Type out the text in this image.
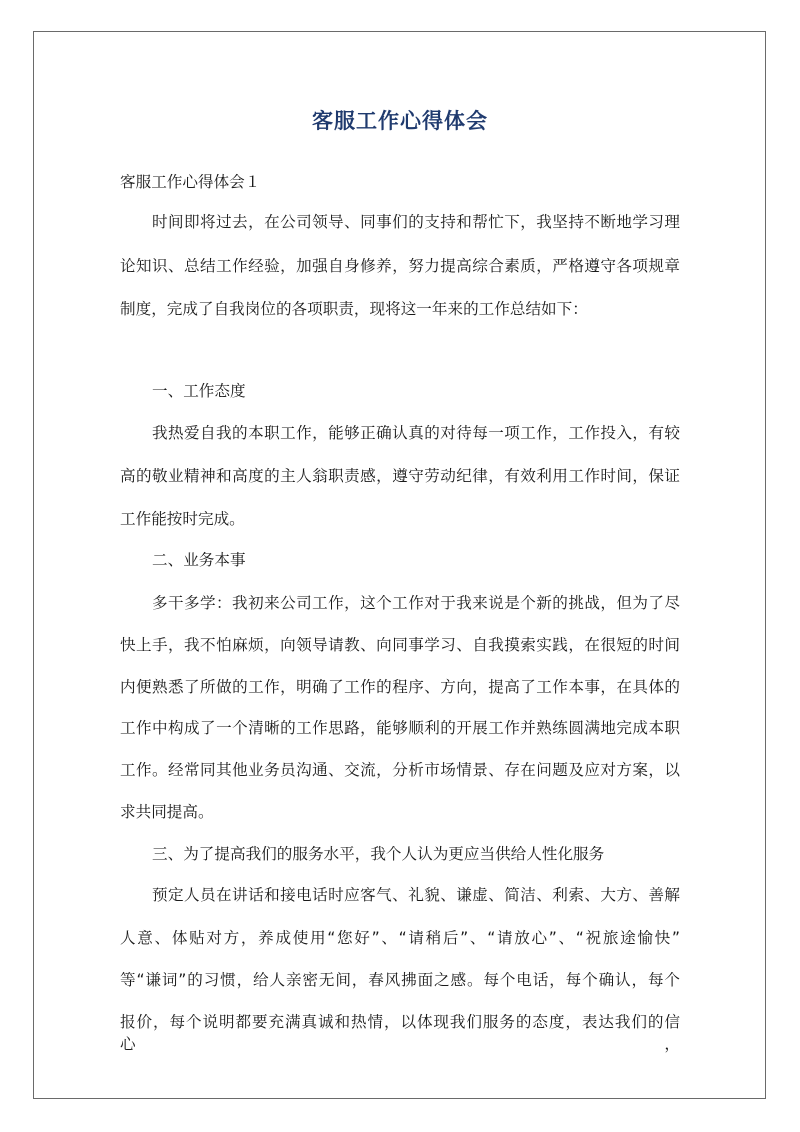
客服工作心得体会

客服工作心得体会１

时间即将过去，在公司领导、同事们的支持和帮忙下，我坚持不断地学习理

论知识、总结工作经验，加强自身修养，努力提高综合素质，严格遵守各项规章

制度，完成了自我岗位的各项职责，现将这一年来的工作总结如下：

一、工作态度

我热爱自我的本职工作，能够正确认真的对待每一项工作，工作投入，有较

高的敬业精神和高度的主人翁职责感，遵守劳动纪律，有效利用工作时间，保证

工作能按时完成。

二、业务本事

多干多学：我初来公司工作，这个工作对于我来说是个新的挑战，但为了尽

快上手，我不怕麻烦，向领导请教、向同事学习、自我摸索实践，在很短的时间

内便熟悉了所做的工作，明确了工作的程序、方向，提高了工作本事，在具体的

工作中构成了一个清晰的工作思路，能够顺利的开展工作并熟练圆满地完成本职

工作。经常同其他业务员沟通、交流，分析市场情景、存在问题及应对方案，以

求共同提高。

三、为了提高我们的服务水平，我个人认为更应当供给人性化服务

预定人员在讲话和接电话时应客气、礼貌、谦虚、简洁、利索、大方、善解

人意、体贴对方，养成使用“您好”、“请稍后”、“请放心”、“祝旅途愉快”

等“谦词”的习惯，给人亲密无间，春风拂面之感。每个电话，每个确认，每个

报价，每个说明都要充满真诚和热情，以体现我们服务的态度，表达我们的信心，
